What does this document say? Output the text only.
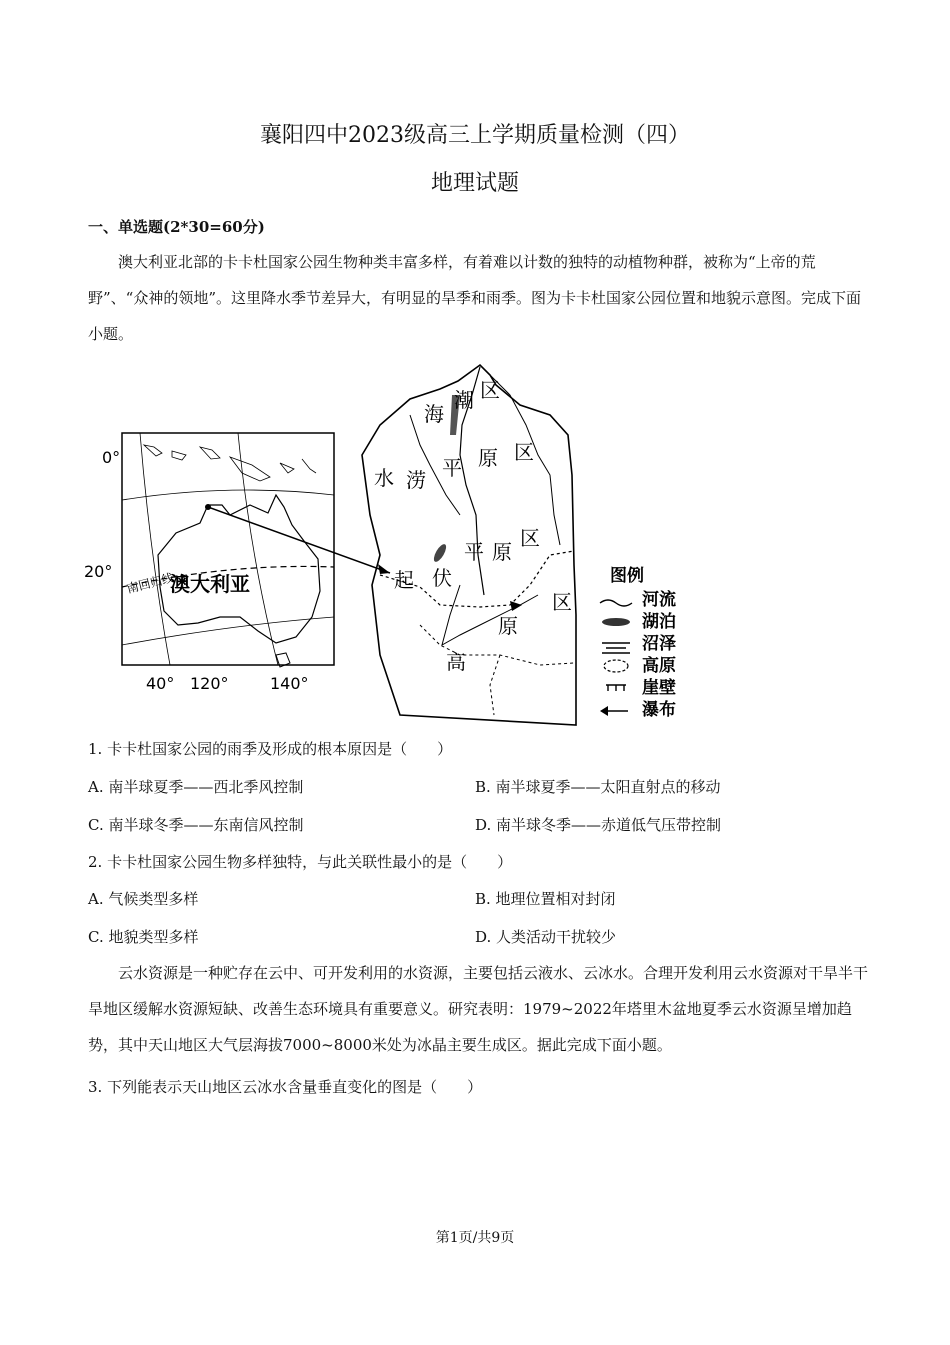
襄阳四中2023级高三上学期质量检测（四）
地理试题
一、单选题(2*30=60分)
澳大利亚北部的卡卡杜国家公园生物种类丰富多样，有着难以计数的独特的动植物种群，被称为“上帝的荒野”、“众神的领地”。这里降水季节差异大，有明显的旱季和雨季。图为卡卡杜国家公园位置和地貌示意图。完成下面小题。
0°
20° 南回归线
澳大利亚
40° 120°	140°
区
潮
海
原 区
水 涝 平
平 原
区
起 伏
区
原
高
图例
河流
湖泊
沼泽
高原
崖壁
瀑布
1. 卡卡杜国家公园的雨季及形成的根本原因是（　　）
A. 南半球夏季——西北季风控制	B. 南半球夏季——太阳直射点的移动
C. 南半球冬季——东南信风控制	D. 南半球冬季——赤道低气压带控制
2. 卡卡杜国家公园生物多样独特，与此关联性最小的是（　　）
A. 气候类型多样	B. 地理位置相对封闭
C. 地貌类型多样	D. 人类活动干扰较少
云水资源是一种贮存在云中、可开发利用的水资源，主要包括云液水、云冰水。合理开发利用云水资源对干旱半干旱地区缓解水资源短缺、改善生态环境具有重要意义。研究表明：1979~2022年塔里木盆地夏季云水资源呈增加趋势，其中天山地区大气层海拔7000~8000米处为冰晶主要生成区。据此完成下面小题。
3. 下列能表示天山地区云冰水含量垂直变化的图是（　　）
第1页/共9页
